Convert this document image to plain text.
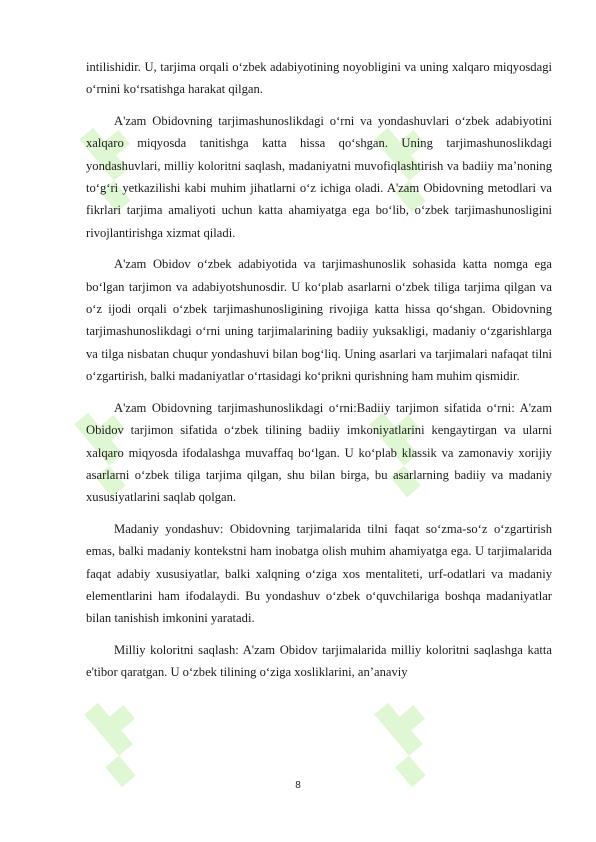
intilishidir. U, tarjima orqali oʻzbek adabiyotining noyobligini va uning xalqaro miqyosdagi oʻrnini koʻrsatishga harakat qilgan.

A'zam Obidovning tarjimashunoslikdagi oʻrni va yondashuvlari oʻzbek adabiyotini xalqaro miqyosda tanitishga katta hissa qoʻshgan. Uning tarjimashunoslikdagi yondashuvlari, milliy koloritni saqlash, madaniyatni muvofiqlashtirish va badiiy ma’noning toʻgʻri yetkazilishi kabi muhim jihatlarni oʻz ichiga oladi. A'zam Obidovning metodlari va fikrlari tarjima amaliyoti uchun katta ahamiyatga ega boʻlib, oʻzbek tarjimashunosligini rivojlantirishga xizmat qiladi.

A'zam Obidov oʻzbek adabiyotida va tarjimashunoslik sohasida katta nomga ega boʻlgan tarjimon va adabiyotshunosdir. U koʻplab asarlarni oʻzbek tiliga tarjima qilgan va oʻz ijodi orqali oʻzbek tarjimashunosligining rivojiga katta hissa qoʻshgan. Obidovning tarjimashunoslikdagi oʻrni uning tarjimalarining badiiy yuksakligi, madaniy oʻzgarishlarga va tilga nisbatan chuqur yondashuvi bilan bogʻliq. Uning asarlari va tarjimalari nafaqat tilni oʻzgartirish, balki madaniyatlar oʻrtasidagi koʻprikni qurishning ham muhim qismidir.

A'zam Obidovning tarjimashunoslikdagi oʻrni:Badiiy tarjimon sifatida oʻrni: A'zam Obidov tarjimon sifatida oʻzbek tilining badiiy imkoniyatlarini kengaytirgan va ularni xalqaro miqyosda ifodalashga muvaffaq boʻlgan. U koʻplab klassik va zamonaviy xorijiy asarlarni oʻzbek tiliga tarjima qilgan, shu bilan birga, bu asarlarning badiiy va madaniy xususiyatlarini saqlab qolgan.

Madaniy yondashuv: Obidovning tarjimalarida tilni faqat soʻzma-soʻz oʻzgartirish emas, balki madaniy kontekstni ham inobatga olish muhim ahamiyatga ega. U tarjimalarida faqat adabiy xususiyatlar, balki xalqning oʻziga xos mentaliteti, urf-odatlari va madaniy elementlarini ham ifodalaydi. Bu yondashuv oʻzbek oʻquvchilariga boshqa madaniyatlar bilan tanishish imkonini yaratadi.

Milliy koloritni saqlash: A'zam Obidov tarjimalarida milliy koloritni saqlashga katta e'tibor qaratgan. U oʻzbek tilining oʻziga xosliklarini, an’anaviy

8
